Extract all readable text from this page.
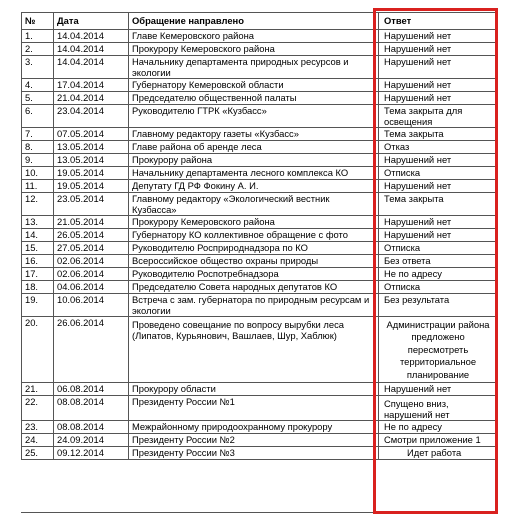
№	Дата	Обращение направлено	Ответ
1.	14.04.2014	Главе Кемеровского района	Нарушений нет
2.	14.04.2014	Прокурору Кемеровского района	Нарушений нет
3.	14.04.2014	Начальнику департамента природных ресурсов и экологии	Нарушений нет
4.	17.04.2014	Губернатору Кемеровской области	Нарушений нет
5.	21.04.2014	Председателю общественной палаты	Нарушений нет
6.	23.04.2014	Руководителю ГТРК «Кузбасс»	Тема закрыта для освещения
7.	07.05.2014	Главному редактору газеты «Кузбасс»	Тема закрыта
8.	13.05.2014	Главе района об аренде леса	Отказ
9.	13.05.2014	Прокурору района	Нарушений нет
10.	19.05.2014	Начальнику департамента лесного комплекса КО	Отписка
11.	19.05.2014	Депутату ГД РФ Фокину А. И.	Нарушений нет
12.	23.05.2014	Главному редактору «Экологический вестник Кузбасса»	Тема закрыта
13.	21.05.2014	Прокурору Кемеровского района	Нарушений нет
14.	26.05.2014	Губернатору КО коллективное обращение с фото	Нарушений нет
15.	27.05.2014	Руководителю Росприроднадзора по КО	Отписка
16.	02.06.2014	Всероссийское общество охраны природы	Без ответа
17.	02.06.2014	Руководителю Роспотребнадзора	Не по адресу
18.	04.06.2014	Председателю Совета народных депутатов КО	Отписка
19.	10.06.2014	Встреча с зам. губернатора по природным ресурсам и экологии	Без результата
20.	26.06.2014	Проведено совещание по вопросу вырубки леса (Липатов, Курьянович, Вашлаев, Шур, Хаблюк)	Администрации района предложено пересмотреть территориальное планирование
21.	06.08.2014	Прокурору области	Нарушений нет
22.	08.08.2014	Президенту России №1	Спущено вниз, нарушений нет
23.	08.08.2014	Межрайонному природоохранному прокурору	Не по адресу
24.	24.09.2014	Президенту России №2	Смотри приложение 1
25.	09.12.2014	Президенту России №3	Идет работа
